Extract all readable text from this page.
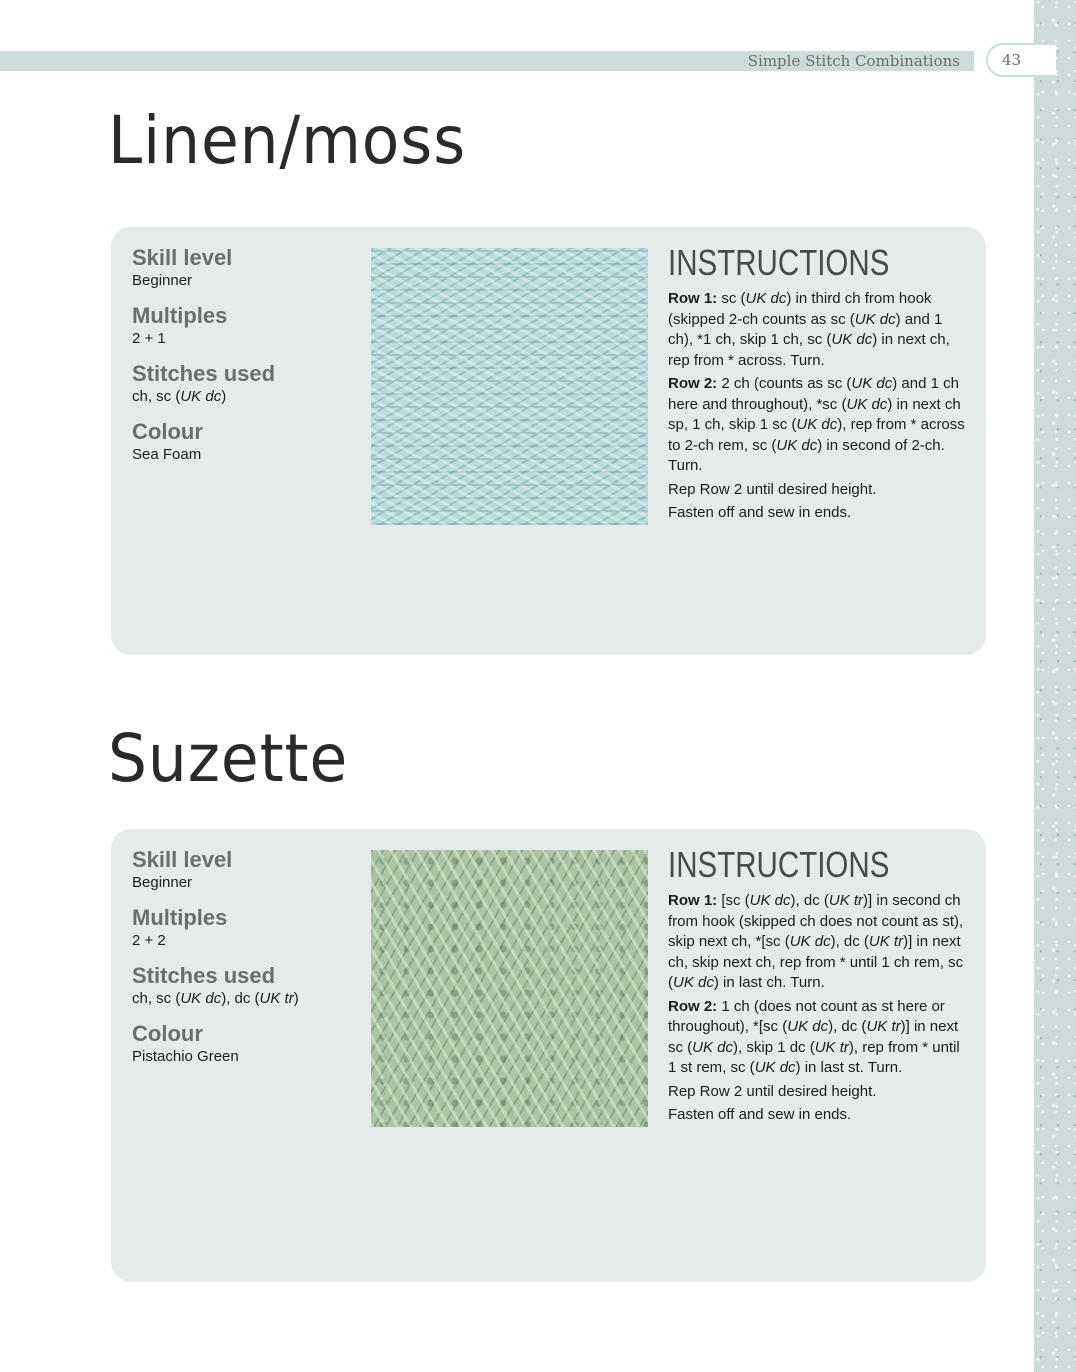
Simple Stitch Combinations	43
Linen/moss

Skill level

Beginner

Multiples

2 + 1

Stitches used

ch, sc (UK dc)

Colour

Sea Foam

INSTRUCTIONS

Row 1: sc (UK dc) in third ch from hook (skipped 2-ch counts as sc (UK dc) and 1 ch), *1 ch, skip 1 ch, sc (UK dc) in next ch, rep from * across. Turn.

Row 2: 2 ch (counts as sc (UK dc) and 1 ch here and throughout), *sc (UK dc) in next ch sp, 1 ch, skip 1 sc (UK dc), rep from * across to 2-ch rem, sc (UK dc) in second of 2-ch. Turn.

Rep Row 2 until desired height.

Fasten off and sew in ends.

Suzette

Skill level

Beginner

Multiples

2 + 2

Stitches used

ch, sc (UK dc), dc (UK tr)

Colour

Pistachio Green

INSTRUCTIONS

Row 1: [sc (UK dc), dc (UK tr)] in second ch from hook (skipped ch does not count as st), skip next ch, *[sc (UK dc), dc (UK tr)] in next ch, skip next ch, rep from * until 1 ch rem, sc (UK dc) in last ch. Turn.

Row 2: 1 ch (does not count as st here or throughout), *[sc (UK dc), dc (UK tr)] in next sc (UK dc), skip 1 dc (UK tr), rep from * until 1 st rem, sc (UK dc) in last st. Turn.

Rep Row 2 until desired height.

Fasten off and sew in ends.
